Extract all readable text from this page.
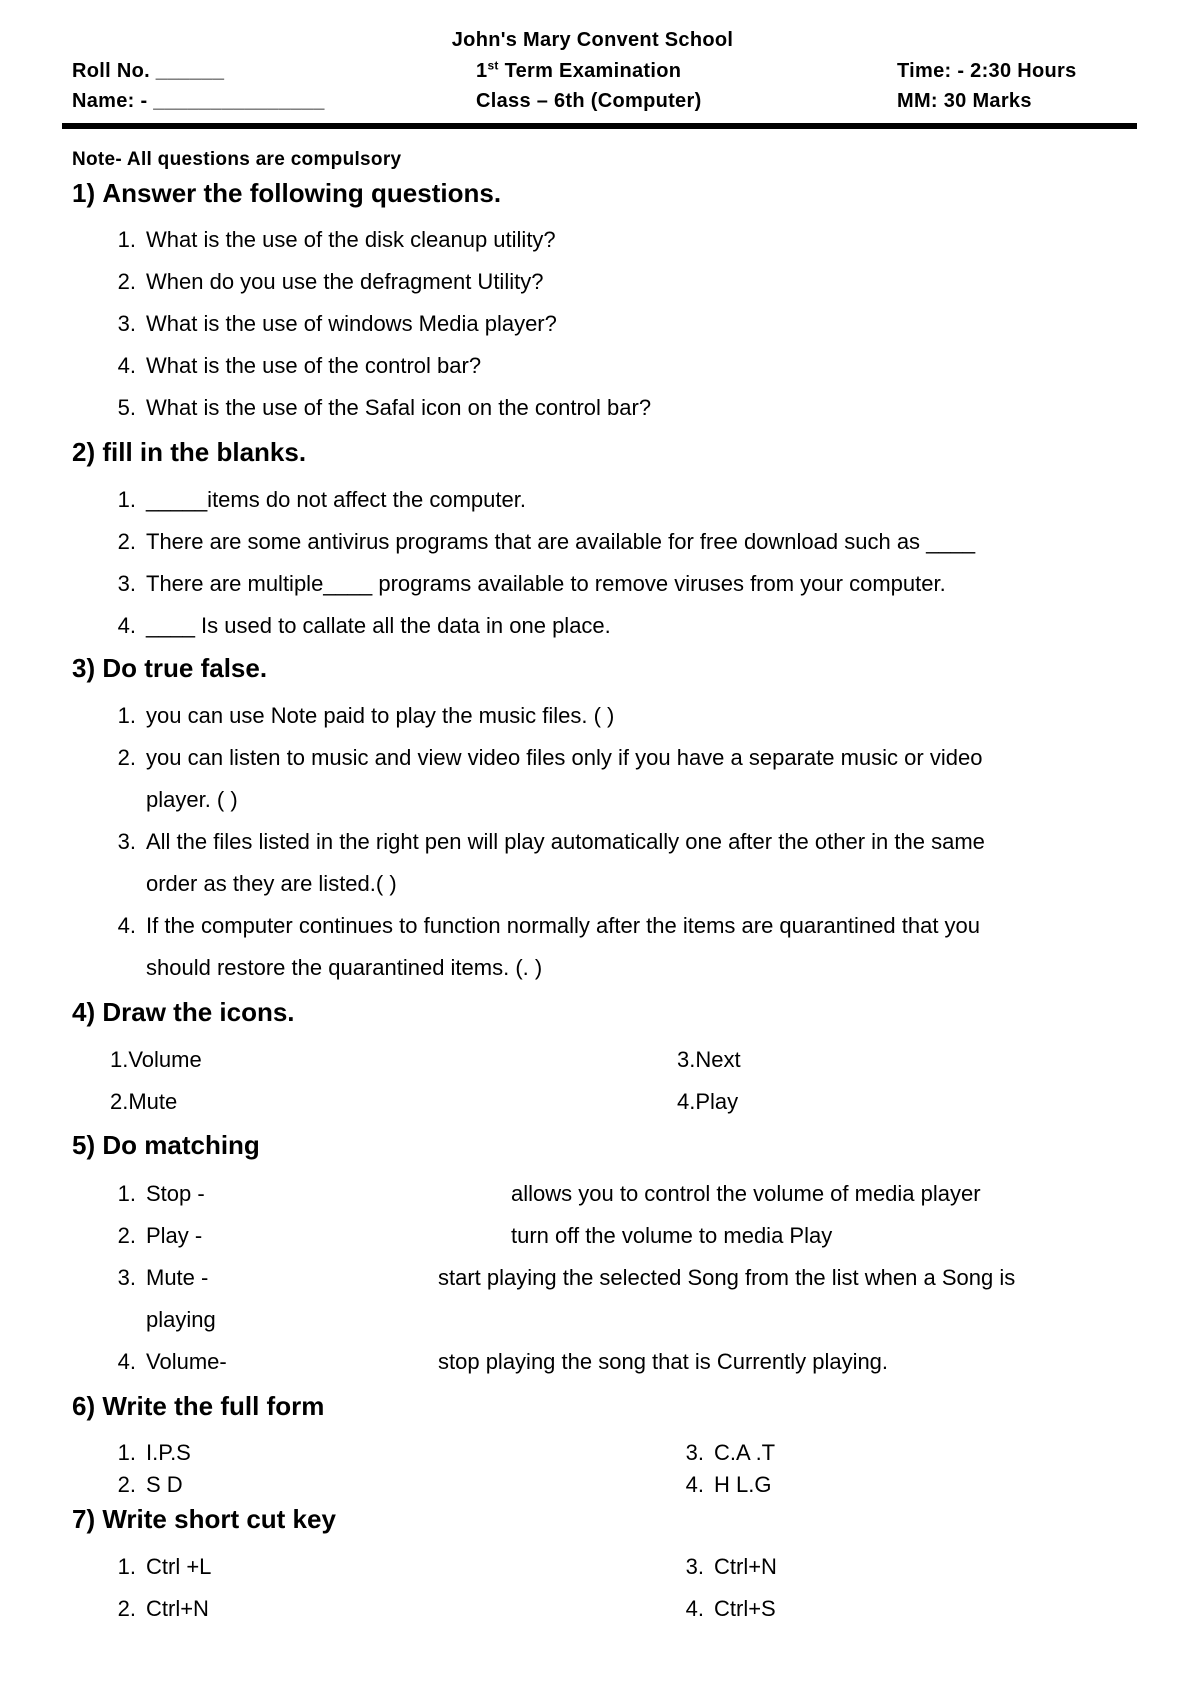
John's Mary Convent School
Roll No. ______	1st Term Examination	Time: - 2:30 Hours
Name: - _______________	Class – 6th (Computer)	MM: 30 Marks
Note- All questions are compulsory
1) Answer the following questions.
1. What is the use of the disk cleanup utility?
2. When do you use the defragment Utility?
3. What is the use of windows Media player?
4. What is the use of the control bar?
5. What is the use of the Safal icon on the control bar?
2) fill in the blanks.
1. _____items do not affect the computer.
2. There are some antivirus programs that are available for free download such as ____
3. There are multiple____ programs available to remove viruses from your computer.
4. ____ Is used to callate all the data in one place.
3) Do true false.
1. you can use Note paid to play the music files. ( )
2. you can listen to music and view video files only if you have a separate music or video
player. ( )
3. All the files listed in the right pen will play automatically one after the other in the same
order as they are listed.( )
4. If the computer continues to function normally after the items are quarantined that you
should restore the quarantined items. (. )
4) Draw the icons.
1.Volume	3.Next
2.Mute	4.Play
5) Do matching
1. Stop -	allows you to control the volume of media player
2. Play -	turn off the volume to media Play
3. Mute -	start playing the selected Song from the list when a Song is
playing
4. Volume-	stop playing the song that is Currently playing.
6) Write the full form
1. I.P.S	3. C.A .T
2. S D	4. H L.G
7) Write short cut key
1. Ctrl +L	3. Ctrl+N
2. Ctrl+N	4. Ctrl+S
